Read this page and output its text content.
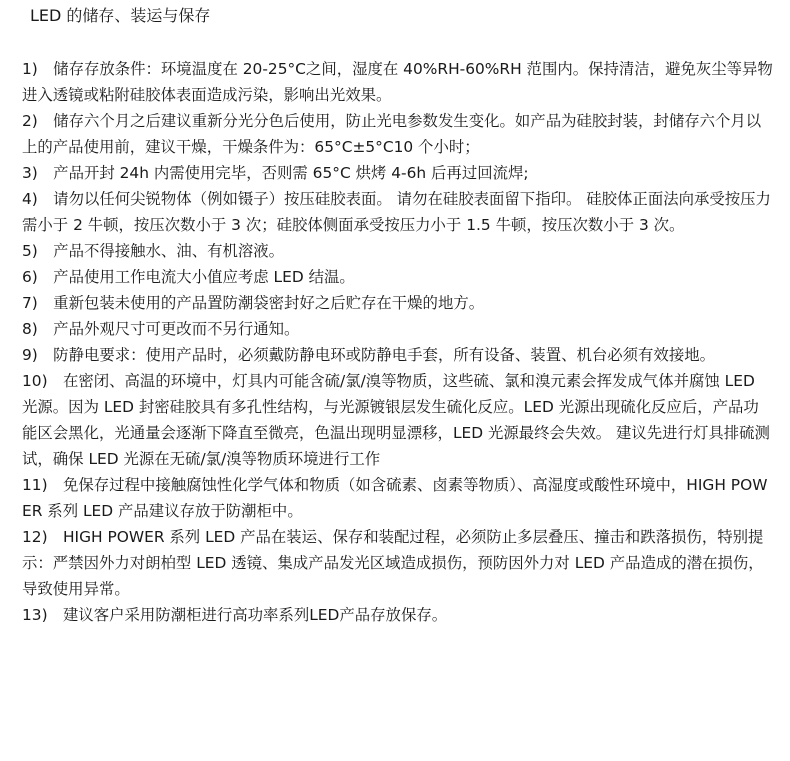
LED 的储存、装运与保存

1)　储存存放条件：环境温度在 20-25°C之间，湿度在 40%RH-60%RH 范围内。保持清洁，避免灰尘等异物进入透镜或粘附硅胶体表面造成污染，影响出光效果。

2)　储存六个月之后建议重新分光分色后使用，防止光电参数发生变化。如产品为硅胶封装，封储存六个月以上的产品使用前，建议干燥，干燥条件为：65°C±5°C10 个小时；

3)　产品开封 24h 内需使用完毕，否则需 65°C 烘烤 4-6h 后再过回流焊;

4)　请勿以任何尖锐物体（例如镊子）按压硅胶表面。 请勿在硅胶表面留下指印。 硅胶体正面法向承受按压力需小于 2 牛顿，按压次数小于 3 次；硅胶体侧面承受按压力小于 1.5 牛顿，按压次数小于 3 次。

5)　产品不得接触水、油、有机溶液。

6)　产品使用工作电流大小值应考虑 LED 结温。

7)　重新包装未使用的产品置防潮袋密封好之后贮存在干燥的地方。

8)　产品外观尺寸可更改而不另行通知。

9)　防静电要求：使用产品时，必须戴防静电环或防静电手套，所有设备、装置、机台必须有效接地。

10)　在密闭、高温的环境中，灯具内可能含硫/氯/溴等物质，这些硫、氯和溴元素会挥发成气体并腐蚀 LED 光源。因为 LED 封密硅胶具有多孔性结构，与光源镀银层发生硫化反应。LED 光源出现硫化反应后，产品功能区会黑化，光通量会逐渐下降直至微亮，色温出现明显漂移，LED 光源最终会失效。 建议先进行灯具排硫测试，确保 LED 光源在无硫/氯/溴等物质环境进行工作

11)　免保存过程中接触腐蚀性化学气体和物质（如含硫素、卤素等物质）、高湿度或酸性环境中，HIGH POWER 系列 LED 产品建议存放于防潮柜中。

12)　HIGH POWER 系列 LED 产品在装运、保存和装配过程，必须防止多层叠压、撞击和跌落损伤，特别提示：严禁因外力对朗柏型 LED 透镜、集成产品发光区域造成损伤，预防因外力对 LED 产品造成的潜在损伤，导致使用异常。

13)　建议客户采用防潮柜进行高功率系列LED产品存放保存。
